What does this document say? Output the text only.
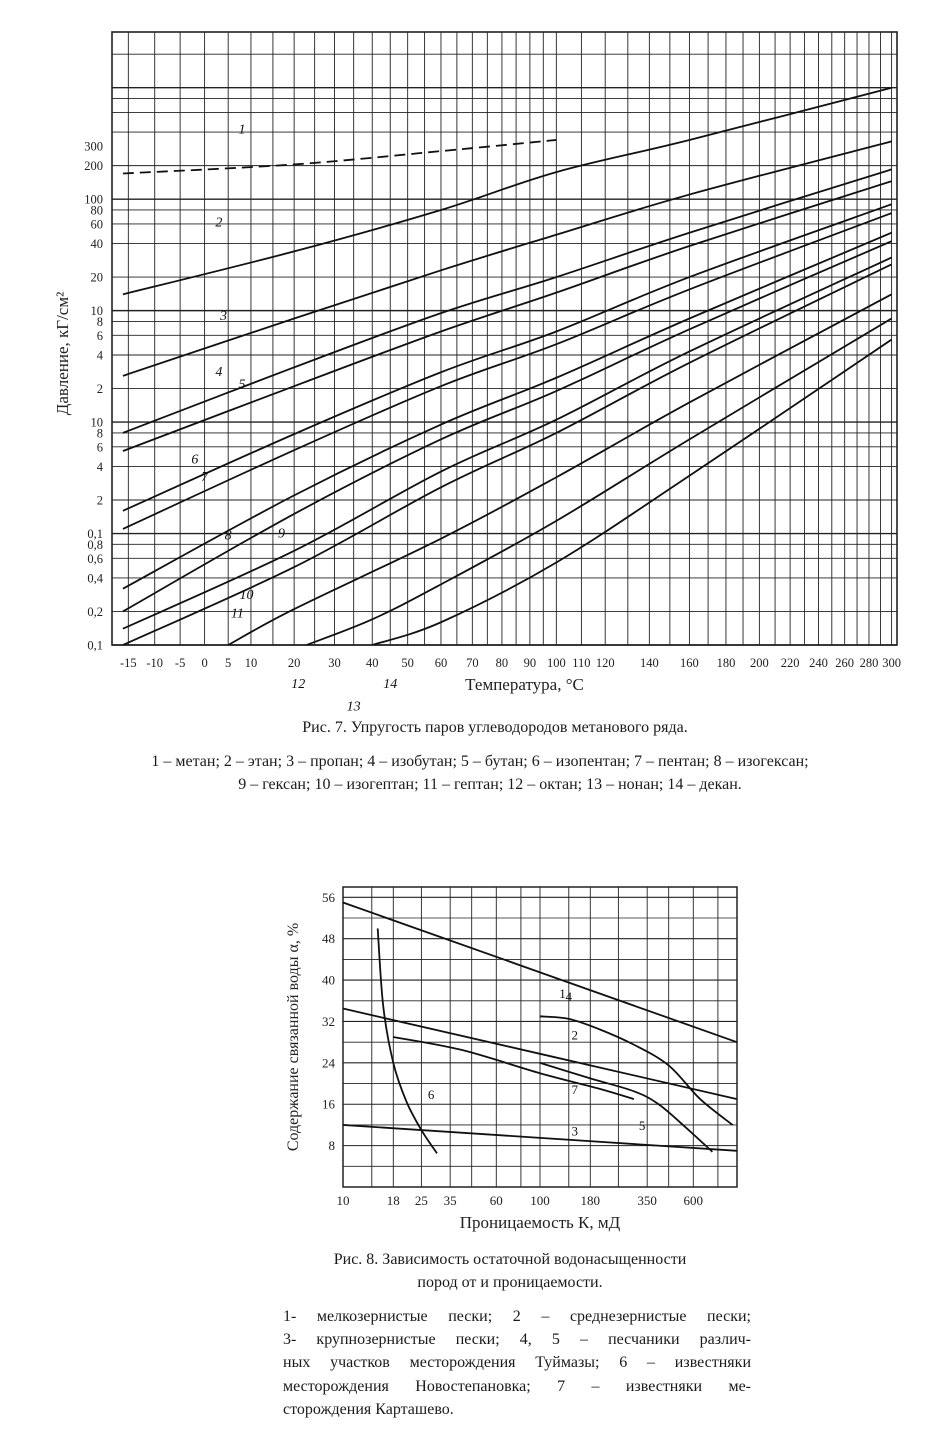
-15 -10 -5 0 5 10 20 30 40 50 60 70 80 90 100 110 120 140 160 180 200 220 240 260 280 300
300
200
100
80
60
40
20
10
8
6
4
2
10
8
6
4
2
0,1
0,8
0,6
0,4
0,2
0,1
Температура, °С
Давление, кГ/см²
1
2
3
4
5
6
7
8	9
10
11
12
13
14
10	18 25 35	60 100 180	350 600
56
48
40
32
24
16
8
Проницаемость К, мД
Содержание связанной воды α, %	1
2
3
4
5
6	7
Рис. 7. Упругость паров углеводородов метанового ряда.
1 – метан; 2 – этан; 3 – пропан; 4 – изобутан; 5 – бутан; 6 – изопентан; 7 – пентан; 8 – изогексан;
9 – гексан; 10 – изогептан; 11 – гептан; 12 – октан; 13 – нонан; 14 – декан.
Рис. 8. Зависимость остаточной водонасыщенности
пород от и проницаемости.
1- мелкозернистые пески; 2 – среднезернистые пески;
3- крупнозернистые пески; 4, 5 – песчаники различ-
ных участков месторождения Туймазы; 6 – известняки
месторождения Новостепановка; 7 – известняки ме-
сторождения Карташево.
